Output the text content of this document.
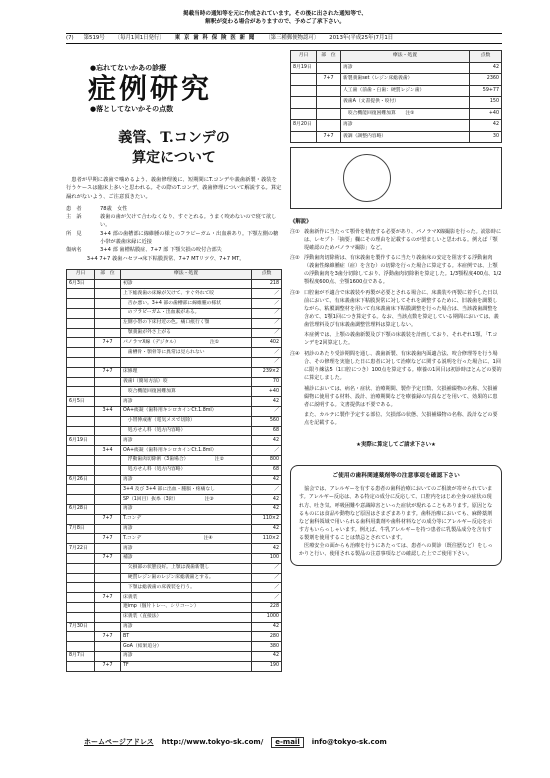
掲載当時の通知等を元に作成されています。その後に出された通知等で、
解釈が変わる場合がありますので、予めご了承下さい。
(7) 第519号 〔毎月1回1日発行〕 東 京 歯 科 保 険 医 新 聞 〔第三種郵便物認可〕 2013年(平成25年)7月1日
●忘れてないかあの診療
症例研究
●落としてないかその点数
義管、T.コンデの
算定について

患者が早期に義歯で噛めるよう、義歯修理後に、短期間にT.コンデや義歯新製・義装を行うケースは臨床上多いと思われる。その際のT.コンデ、義歯修理について解説する。算定漏れがないよう、ご注意頂きたい。

患　者	78歳　女性
主　訴	義歯の歯が欠けて合わなくなり、すぐとれる。うまく咬めないので寝て欲しい。
所　見	3+4 部の歯槽部に線維腫の様とのフラビーガム・出血素あり。下顎左側の糖小帯が義歯床縁に近接
傷病名	3+4 部 歯槽粘膜症、7+7 部 下顎欠損の咬付合部失
　　　　3+4 7+7 義歯ハセツ→床下粘膜異常、7+7 MTリツウ、7+7 MT。
月日	部　位	療法・処置	点数
6月3日		初診	218
		上下総義歯の床線が欠けて、すぐ外れて咬	／
		　否か悪い。3+4 部の歯槽部に線維腫の様状	／
		　のフラビーガム・出血素がある。	／
		左側小帯の下床付近の色。痛口痕行く顎	／
		　顎義歯が外さ上がる	／
	7+7	パノラマX線（デジタル）　　　　　　　注①	402
		　歯槽骨・顎骨等に異常は見られない	／
			／
	7+7	床修理	239×2
		義歯ⅰ（簡易方法）咬	70
		　咬合機能回復困難加算	+40
6月5日		再診	42
	3+4	OA+痰凝（歯科用キシロカインCt.1.8ml）	／
		　小帯伸成術（電気メスで切除）	560
		　処方せん料（処方内容略）	68
6月19日		再診	42
	3+4	OA+痰凝（歯科用キシロカインCt.1.8ml）	／
		　浮動歯肉切除術（3歯場合）　　　　　　注②	800
		　処方せん料（処方内容略）	68
6月26日		再診	42
		3+4 及び 3+4 部に出血・腫脹・疼痛なし	／
		SP（1回目）抜糸（3針）　　　　　　注③	42
6月28日		再診	42
	7+7	T.コンデ	110×2
7月8日		再診	42
	7+7	T.コンデ　　　　　　　　　　　　　注④	110×2
7月22日		再診	42
	7+7	補診	100
		　欠損部の状態良好。上顎は義歯新製し	／
		　硬質レジン歯のレジン床総義歯とする。	／
		　下顎は総義歯の床義装を行う。	／
	7+7	床義装	／
		連imp（個片トレー、シリコーン）	228
		床義装（直接法）	1000
7月30日		再診	42
	7+7	BT	280
		GoA（結果追分）	380
8月7日		再診	42
	7+7	TF	190
月日	部　位	療法・処置	点数
8月19日		再診	42
	7+7	新製義歯set（レジン床総義歯）	2360
		人工歯（前歯・臼歯：硬質レジン歯）	59+77
		義歯A（文書提供・咬付）	150
		　咬合機能回復困難加算　　注⑤	+40
8月20日		再診	42
	7+7	義調（調整内容略）	30
《解説》
注① 義歯新作に当たって顎骨を精査する必要があり、パノラマX線撮影を行った。読影時には、レセプト「摘要」欄にその理由を記載するのが望ましいと思われる。例えば「顎堤確認のためパノラマ撮影」など。
注② 浮動歯肉切除術は、有床義歯を製作するに当たり義歯床の安定を阻害する浮動歯肉（義歯性線維腫症（症）を含む）の切除を行った場合に算定する。本症例では、上顎の浮動歯肉を3歯分切除しており、浮動歯肉切除術を算定した。1/3顎程度400点、1/2顎程度600点、全顎1600点である。
注③ 口腔歯が不適合で床義装や再製が必要とされる場合に、床義装や再製に着手した日以前において、有床義歯床下粘膜異常に対してそれを調整するために、旧義歯を調製しながら、粘膜調整材を用いて有床義歯床下粘膜調整を行った場合は、当該義歯調整を含めて、1顎1回につき算定する。なお、当該点数を算定している期間においては、義歯管理料及び有床義歯調整管理料は算定しない。
本症例では、上顎の義歯新製及び下顎の床義装を計画しており、それぞれ1顎、「T.コンデを2回算定した。
注④ 初診のあたり受診期間を通し、義歯新製、有床義歯内面適合法、咬合修理等を行う場合、その修理を実施した日に患者に対して治療などに関する説明を行った場合に、1回に限り練法5（1口腔につき）100点を算定する。療養の1回目は初診時ほとんどの要的に算定しました。
補診においては、病名・症状、治療期間、製作予定日数、欠損補綴物の名称、欠損補綴物に使用する材料、設計、治療期間などを療養録の写真などを用いて、効果的に患者に説明する。文書提供は不要である。
また、カルテに製作予定する部位、欠損部の状態、欠損補綴物の名称、設計などの要点を記載する。
★実際に算定してご請求下さい★
ご使用の歯科関連薬剤等の注意事項を確認下さい

協会では、アレルギーを有する患者の歯科治療においてのご相談が寄せられています。アレルギー反応は、ある特定の成分に反応して、口腔内をはじめ全身の症状の現れ方、吐き気、呼吸困難や意識障害といった症状が現れることもあります。原因となるものには食品や動物など原因はさまざまあります。歯科治療においても、麻酔薬剤など歯科領域で用いられる歯科用薬剤や歯科材料などの成分等にアレルギー反応を示す方もいらっしゃいます。例えば、牛乳アレルギーを持つ患者に乳製品成分を含有する製剤を使用することは禁忌とされています。

医療安全の面からも治療を行うにあたっては、患者への問診（既往歴など）をしっかりと行い、使用される製品の注意事項などの確認した上でご使用下さい。

ホームページアドレス http://www.tokyo-sk.com/	e-mail	info@tokyo-sk.com
